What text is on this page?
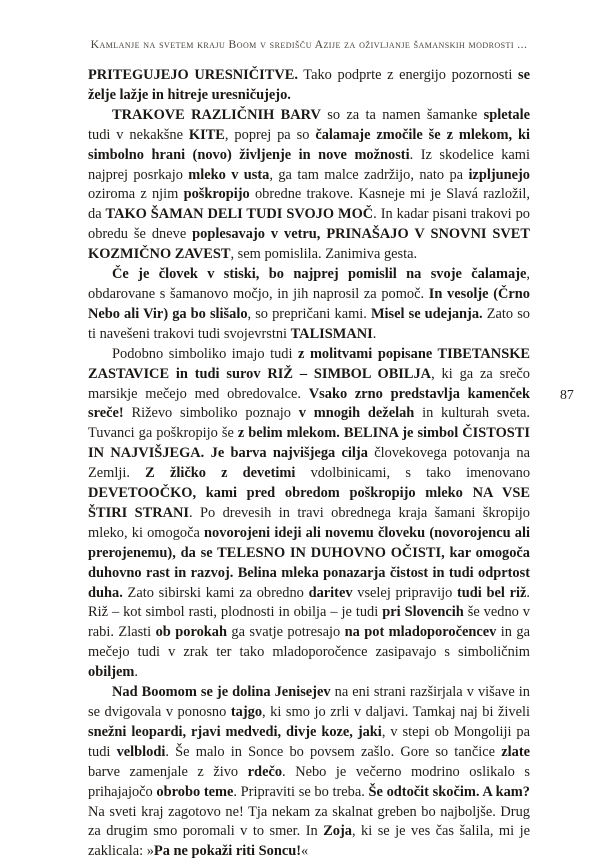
Kamlanje na svetem kraju Boom v središču Azije za oživljanje šamanskih modrosti ...

PRITEGUJEJO URESNIČITVE. Tako podprte z energijo pozornosti se želje lažje in hitreje uresničujejo.

TRAKOVE RAZLIČNIH BARV so za ta namen šamanke spletale tudi v nekakšne KITE, poprej pa so čalamaje zmočile še z mlekom, ki simbolno hrani (novo) življenje in nove možnosti. Iz skodelice kami najprej posrkajo mleko v usta, ga tam malce zadržijo, nato pa izpljunejo oziroma z njim poškropijo obredne trakove. Kasneje mi je Slavá razložil, da TAKO ŠAMAN DELI TUDI SVOJO MOČ. In kadar pisani trakovi po obredu še dneve poplesavajo v vetru, PRINAŠAJO V SNOVNI SVET KOZMIČNO ZAVEST, sem pomislila. Zanimiva gesta.

Če je človek v stiski, bo najprej pomislil na svoje čalamaje, obdarovane s šamanovo močjo, in jih naprosil za pomoč. In vesolje (Črno Nebo ali Vir) ga bo slišalo, so prepričani kami. Misel se udejanja. Zato so ti navešeni trakovi tudi svojevrstni TALISMANI.

Podobno simboliko imajo tudi z molitvami popisane TIBETANSKE ZASTAVICE in tudi surov RIŽ – SIMBOL OBILJA, ki ga za srečo marsikje mečejo med obredovalce. Vsako zrno predstavlja kamenček sreče! Riževo simboliko poznajo v mnogih deželah in kulturah sveta. Tuvanci ga poškropijo še z belim mlekom. BELINA je simbol ČISTOSTI IN NAJVIŠJEGA. Je barva najvišjega cilja človekovega potovanja na Zemlji. Z žličko z devetimi vdolbinicami, s tako imenovano DEVETOOČKO, kami pred obredom poškropijo mleko NA VSE ŠTIRI STRANI. Po drevesih in travi obrednega kraja šamani škropijo mleko, ki omogoča novorojeni ideji ali novemu človeku (novorojencu ali prerojenemu), da se TELESNO IN DUHOVNO OČISTI, kar omogoča duhovno rast in razvoj. Belina mleka ponazarja čistost in tudi odprtost duha. Zato sibirski kami za obredno daritev vselej pripravijo tudi bel riž. Riž – kot simbol rasti, plodnosti in obilja – je tudi pri Slovencih še vedno v rabi. Zlasti ob porokah ga svatje potresajo na pot mladoporočencev in ga mečejo tudi v zrak ter tako mladoporočence zasipavajo s simboličnim obiljem.

Nad Boomom se je dolina Jenisejev na eni strani razširjala v višave in se dvigovala v ponosno tajgo, ki smo jo zrli v daljavi. Tamkaj naj bi živeli snežni leopardi, rjavi medvedi, divje koze, jaki, v stepi ob Mongoliji pa tudi velblodi. Še malo in Sonce bo povsem zašlo. Gore so tančice zlate barve zamenjale z živo rdečo. Nebo je večerno modrino oslikalo s prihajajočo obrobo teme. Pripraviti se bo treba. Še odtočit skočim. A kam? Na sveti kraj zagotovo ne! Tja nekam za skalnat greben bo najboljše. Drug za drugim smo poromali v to smer. In Zoja, ki se je ves čas šalila, mi je zaklicala: »Pa ne pokaži riti Soncu!«

87
